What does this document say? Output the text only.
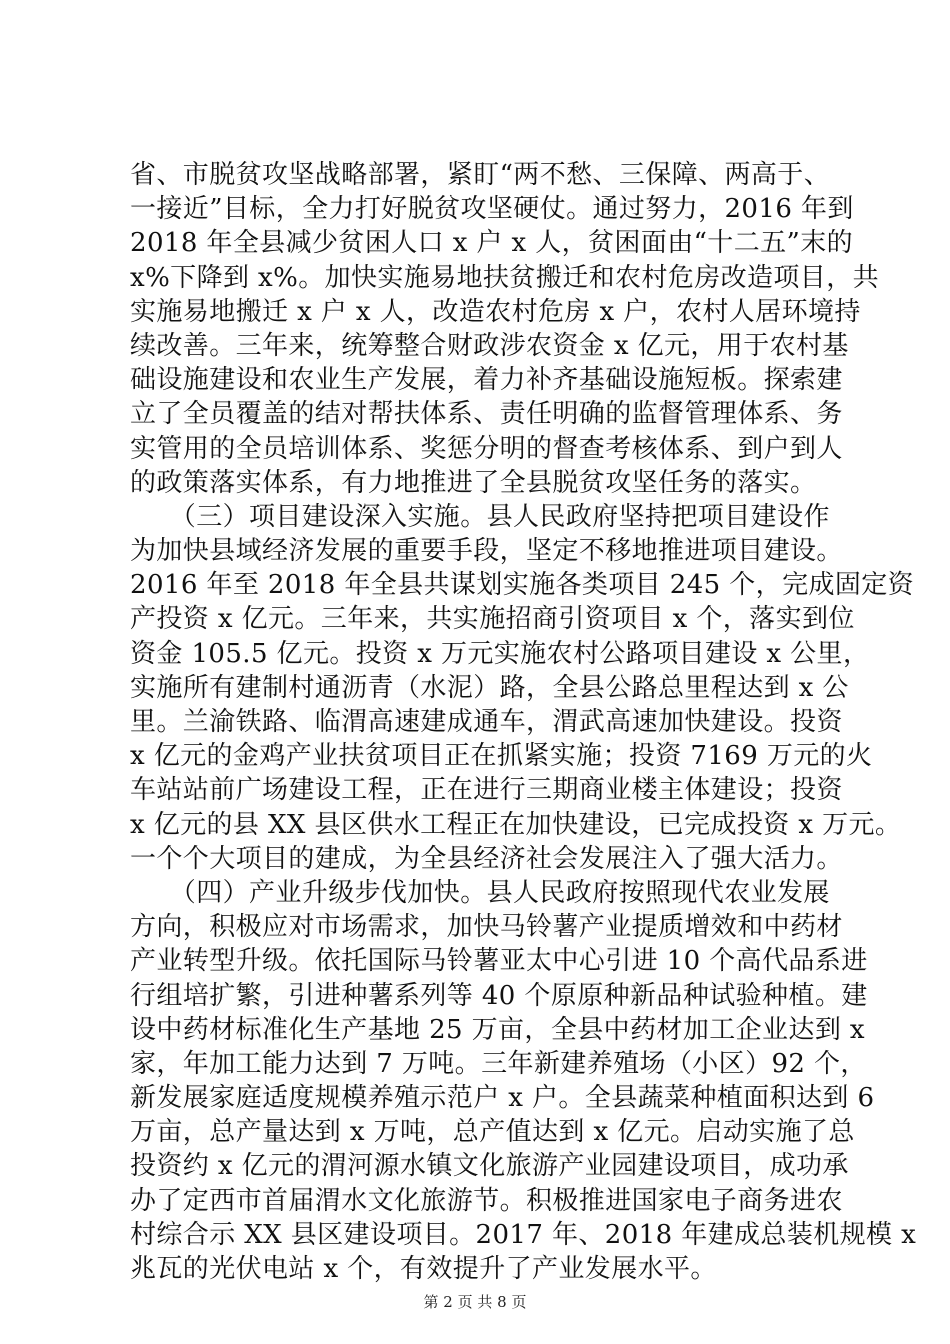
省、市脱贫攻坚战略部署，紧盯“两不愁、三保障、两高于、
一接近”目标，全力打好脱贫攻坚硬仗。通过努力，2016 年到
2018 年全县减少贫困人口 x 户 x 人，贫困面由“十二五”末的
x%下降到 x%。加快实施易地扶贫搬迁和农村危房改造项目，共
实施易地搬迁 x 户 x 人，改造农村危房 x 户，农村人居环境持
续改善。三年来，统筹整合财政涉农资金 x 亿元，用于农村基
础设施建设和农业生产发展，着力补齐基础设施短板。探索建
立了全员覆盖的结对帮扶体系、责任明确的监督管理体系、务
实管用的全员培训体系、奖惩分明的督查考核体系、到户到人
的政策落实体系，有力地推进了全县脱贫攻坚任务的落实。
　　（三）项目建设深入实施。县人民政府坚持把项目建设作
为加快县域经济发展的重要手段，坚定不移地推进项目建设。
2016 年至 2018 年全县共谋划实施各类项目 245 个，完成固定资
产投资 x 亿元。三年来，共实施招商引资项目 x 个，落实到位
资金 105.5 亿元。投资 x 万元实施农村公路项目建设 x 公里，
实施所有建制村通沥青（水泥）路，全县公路总里程达到 x 公
里。兰渝铁路、临渭高速建成通车，渭武高速加快建设。投资
x 亿元的金鸡产业扶贫项目正在抓紧实施；投资 7169 万元的火
车站站前广场建设工程，正在进行三期商业楼主体建设；投资
x 亿元的县 XX 县区供水工程正在加快建设，已完成投资 x 万元。
一个个大项目的建成，为全县经济社会发展注入了强大活力。
　　（四）产业升级步伐加快。县人民政府按照现代农业发展
方向，积极应对市场需求，加快马铃薯产业提质增效和中药材
产业转型升级。依托国际马铃薯亚太中心引进 10 个高代品系进
行组培扩繁，引进种薯系列等 40 个原原种新品种试验种植。建
设中药材标准化生产基地 25 万亩，全县中药材加工企业达到 x
家，年加工能力达到 7 万吨。三年新建养殖场（小区）92 个，
新发展家庭适度规模养殖示范户 x 户。全县蔬菜种植面积达到 6
万亩，总产量达到 x 万吨，总产值达到 x 亿元。启动实施了总
投资约 x 亿元的渭河源水镇文化旅游产业园建设项目，成功承
办了定西市首届渭水文化旅游节。积极推进国家电子商务进农
村综合示 XX 县区建设项目。2017 年、2018 年建成总装机规模 x
兆瓦的光伏电站 x 个，有效提升了产业发展水平。
第 2 页 共 8 页
